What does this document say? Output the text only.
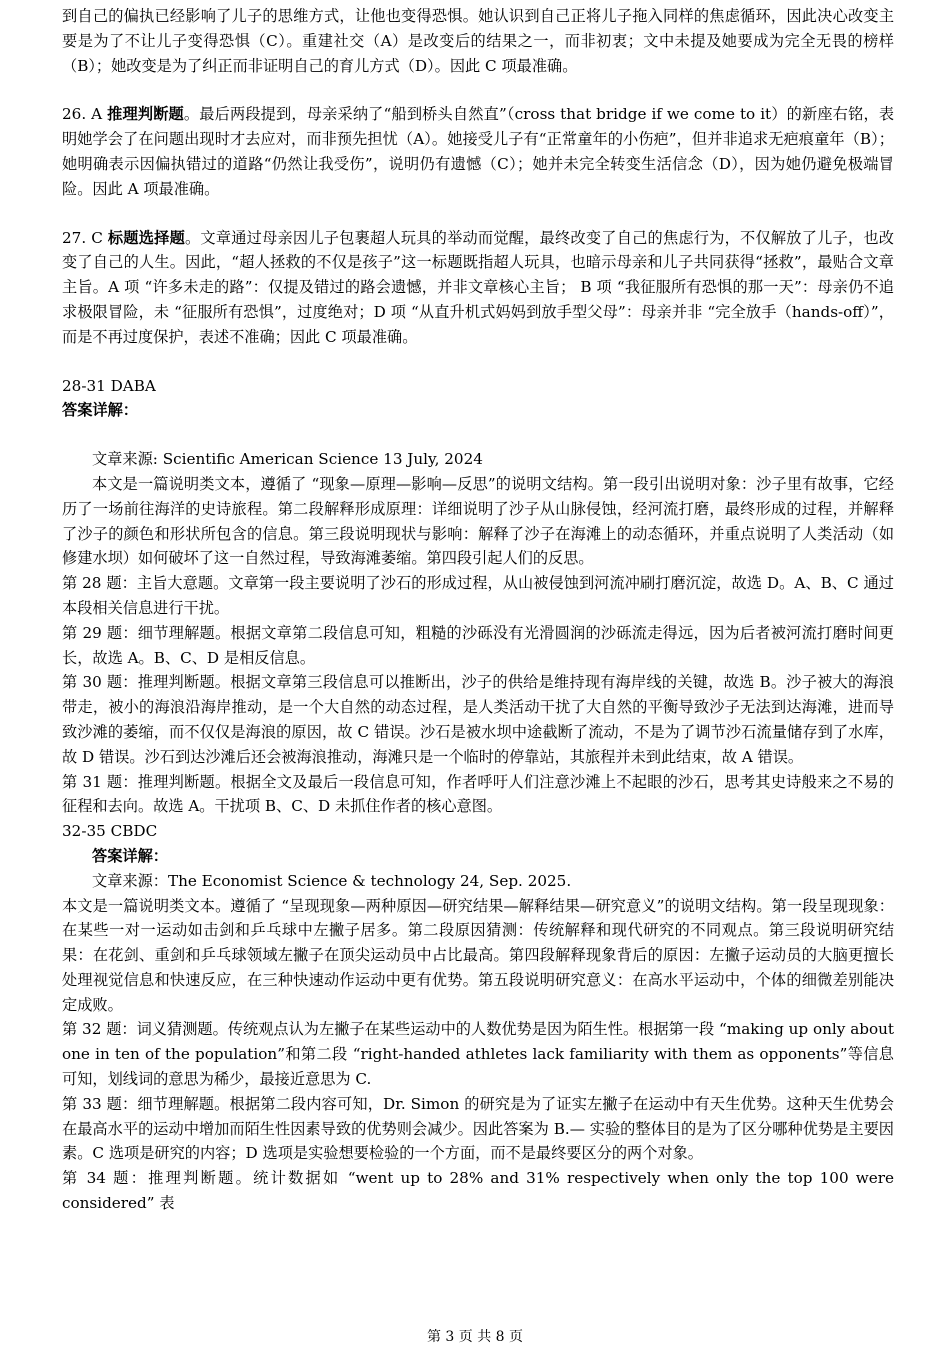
到自己的偏执已经影响了儿子的思维方式，让他也变得恐惧。她认识到自己正将儿子拖入同样的焦虑循环，因此决心改变主要是为了不让儿子变得恐惧（C）。重建社交（A）是改变后的结果之一，而非初衷；文中未提及她要成为完全无畏的榜样（B）；她改变是为了纠正而非证明自己的育儿方式（D）。因此 C 项最准确。

26. A 推理判断题。最后两段提到，母亲采纳了“船到桥头自然直”（cross that bridge if we come to it）的新座右铭，表明她学会了在问题出现时才去应对，而非预先担忧（A）。她接受儿子有“正常童年的小伤疤”，但并非追求无疤痕童年（B）；她明确表示因偏执错过的道路“仍然让我受伤”，说明仍有遗憾（C）；她并未完全转变生活信念（D），因为她仍避免极端冒险。因此 A 项最准确。

27. C 标题选择题。文章通过母亲因儿子包裹超人玩具的举动而觉醒，最终改变了自己的焦虑行为，不仅解放了儿子，也改变了自己的人生。因此，“超人拯救的不仅是孩子”这一标题既指超人玩具，也暗示母亲和儿子共同获得“拯救”，最贴合文章主旨。A 项 “许多未走的路”：仅提及错过的路会遗憾，并非文章核心主旨； B 项 “我征服所有恐惧的那一天”：母亲仍不追求极限冒险，未 “征服所有恐惧”，过度绝对；D 项 “从直升机式妈妈到放手型父母”：母亲并非 “完全放手（hands-off）”，而是不再过度保护，表述不准确；因此 C 项最准确。

28-31 DABA

答案详解：

文章来源: Scientific American Science 13 July, 2024

本文是一篇说明类文本，遵循了 “现象—原理—影响—反思”的说明文结构。第一段引出说明对象：沙子里有故事，它经历了一场前往海洋的史诗旅程。第二段解释形成原理：详细说明了沙子从山脉侵蚀，经河流打磨，最终形成的过程，并解释了沙子的颜色和形状所包含的信息。第三段说明现状与影响：解释了沙子在海滩上的动态循环，并重点说明了人类活动（如修建水坝）如何破坏了这一自然过程，导致海滩萎缩。第四段引起人们的反思。

第 28 题：主旨大意题。文章第一段主要说明了沙石的形成过程，从山被侵蚀到河流冲刷打磨沉淀，故选 D。A、B、C 通过本段相关信息进行干扰。

第 29 题：细节理解题。根据文章第二段信息可知，粗糙的沙砾没有光滑圆润的沙砾流走得远，因为后者被河流打磨时间更长，故选 A。B、C、D 是相反信息。

第 30 题：推理判断题。根据文章第三段信息可以推断出，沙子的供给是维持现有海岸线的关键，故选 B。沙子被大的海浪带走，被小的海浪沿海岸推动，是一个大自然的动态过程，是人类活动干扰了大自然的平衡导致沙子无法到达海滩，进而导致沙滩的萎缩，而不仅仅是海浪的原因，故 C 错误。沙石是被水坝中途截断了流动，不是为了调节沙石流量储存到了水库，故 D 错误。沙石到达沙滩后还会被海浪推动，海滩只是一个临时的停靠站，其旅程并未到此结束，故 A 错误。

第 31 题：推理判断题。根据全文及最后一段信息可知，作者呼吁人们注意沙滩上不起眼的沙石，思考其史诗般来之不易的征程和去向。故选 A。干扰项 B、C、D 未抓住作者的核心意图。

32-35 CBDC

答案详解：

文章来源：The Economist Science & technology 24, Sep. 2025.

本文是一篇说明类文本。遵循了 “呈现现象—两种原因—研究结果—解释结果—研究意义”的说明文结构。第一段呈现现象：在某些一对一运动如击剑和乒乓球中左撇子居多。第二段原因猜测：传统解释和现代研究的不同观点。第三段说明研究结果：在花剑、重剑和乒乓球领域左撇子在顶尖运动员中占比最高。第四段解释现象背后的原因：左撇子运动员的大脑更擅长处理视觉信息和快速反应，在三种快速动作运动中更有优势。第五段说明研究意义：在高水平运动中，个体的细微差别能决定成败。

第 32 题：词义猜测题。传统观点认为左撇子在某些运动中的人数优势是因为陌生性。根据第一段 “making up only about one in ten of the population”和第二段 “right-handed athletes lack familiarity with them as opponents”等信息可知，划线词的意思为稀少，最接近意思为 C.

第 33 题：细节理解题。根据第二段内容可知，Dr. Simon 的研究是为了证实左撇子在运动中有天生优势。这种天生优势会在最高水平的运动中增加而陌生性因素导致的优势则会减少。因此答案为 B.— 实验的整体目的是为了区分哪种优势是主要因素。C 选项是研究的内容；D 选项是实验想要检验的一个方面，而不是最终要区分的两个对象。

第 34 题：推理判断题。统计数据如 “went up to 28% and 31% respectively when only the top 100 were considered” 表

第 3 页 共 8 页
